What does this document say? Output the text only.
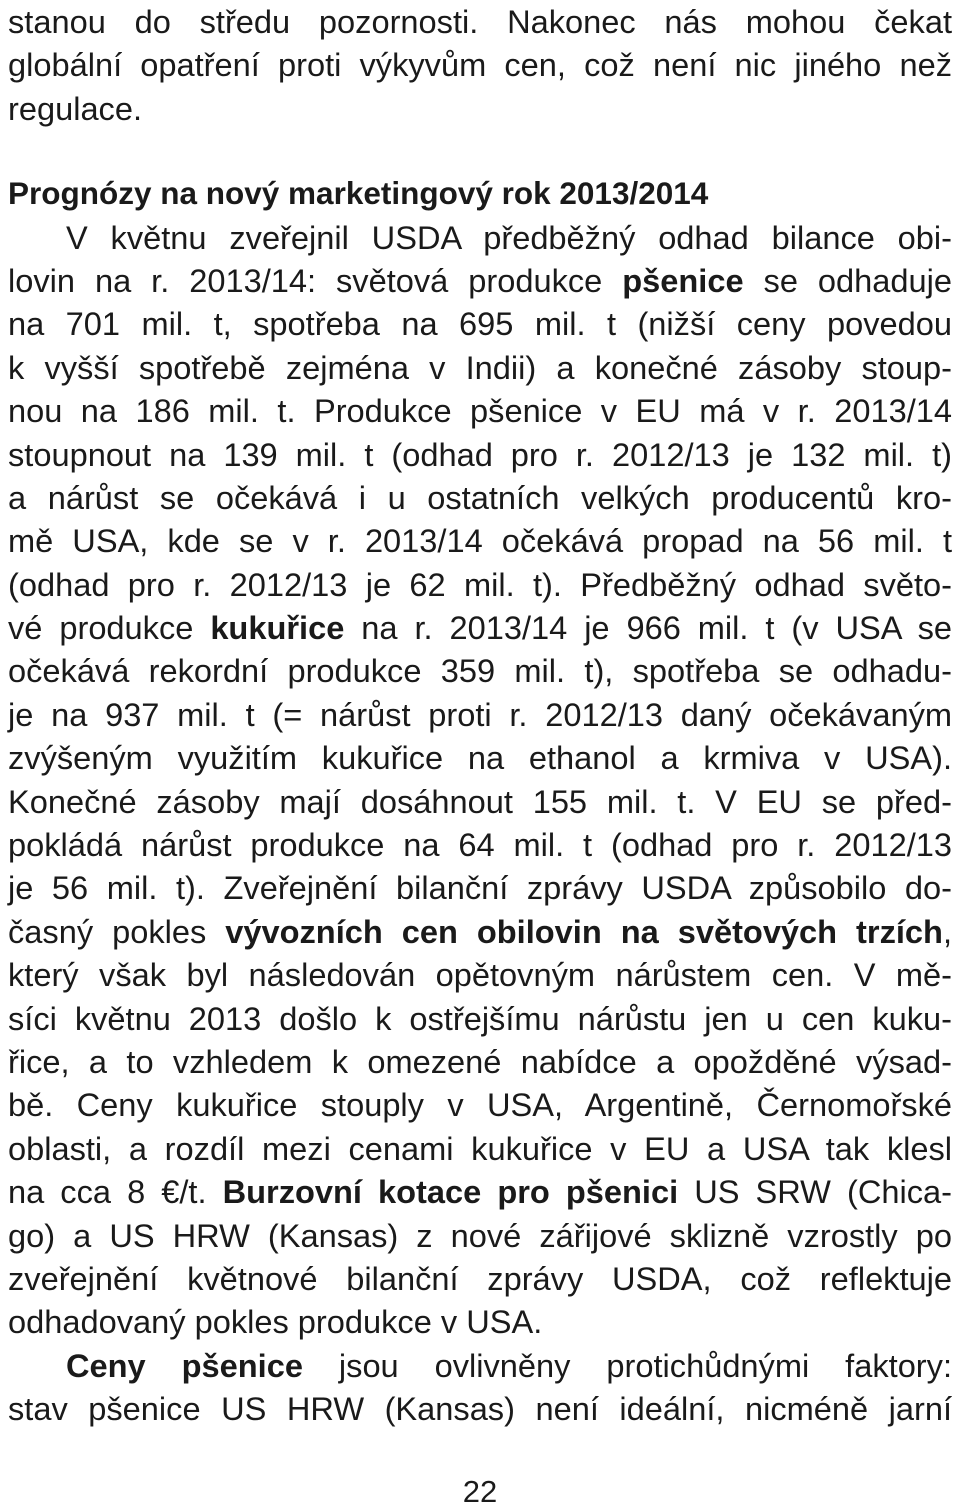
stanou do středu pozornosti. Nakonec nás mohou čekat
globální opatření proti výkyvům cen, což není nic jiného než
regulace.
Prognózy na nový marketingový rok 2013/2014
V květnu zveřejnil USDA předběžný odhad bilance obi-
lovin na r. 2013/14: světová produkce pšenice se odhaduje
na 701 mil. t, spotřeba na 695 mil. t (nižší ceny povedou
k vyšší spotřebě zejména v Indii) a konečné zásoby stoup-
nou na 186 mil. t. Produkce pšenice v EU má v r. 2013/14
stoupnout na 139 mil. t (odhad pro r. 2012/13 je 132 mil. t)
a nárůst se očekává i u ostatních velkých producentů kro-
mě USA, kde se v r. 2013/14 očekává propad na 56 mil. t
(odhad pro r. 2012/13 je 62 mil. t). Předběžný odhad světo-
vé produkce kukuřice na r. 2013/14 je 966 mil. t (v USA se
očekává rekordní produkce 359 mil. t), spotřeba se odhadu-
je na 937 mil. t (= nárůst proti r. 2012/13 daný očekávaným
zvýšeným využitím kukuřice na ethanol a krmiva v USA).
Konečné zásoby mají dosáhnout 155 mil. t. V EU se před-
pokládá nárůst produkce na 64 mil. t (odhad pro r. 2012/13
je 56 mil. t). Zveřejnění bilanční zprávy USDA způsobilo do-
časný pokles vývozních cen obilovin na světových trzích,
který však byl následován opětovným nárůstem cen. V mě-
síci květnu 2013 došlo k ostřejšímu nárůstu jen u cen kuku-
řice, a to vzhledem k omezené nabídce a opožděné výsad-
bě. Ceny kukuřice stouply v USA, Argentině, Černomořské
oblasti, a rozdíl mezi cenami kukuřice v EU a USA tak klesl
na cca 8 €/t. Burzovní kotace pro pšenici US SRW (Chica-
go) a US HRW (Kansas) z nové zářijové sklizně vzrostly po
zveřejnění květnové bilanční zprávy USDA, což reflektuje
odhadovaný pokles produkce v USA.
Ceny pšenice jsou ovlivněny protichůdnými faktory:
stav pšenice US HRW (Kansas) není ideální, nicméně jarní
22
